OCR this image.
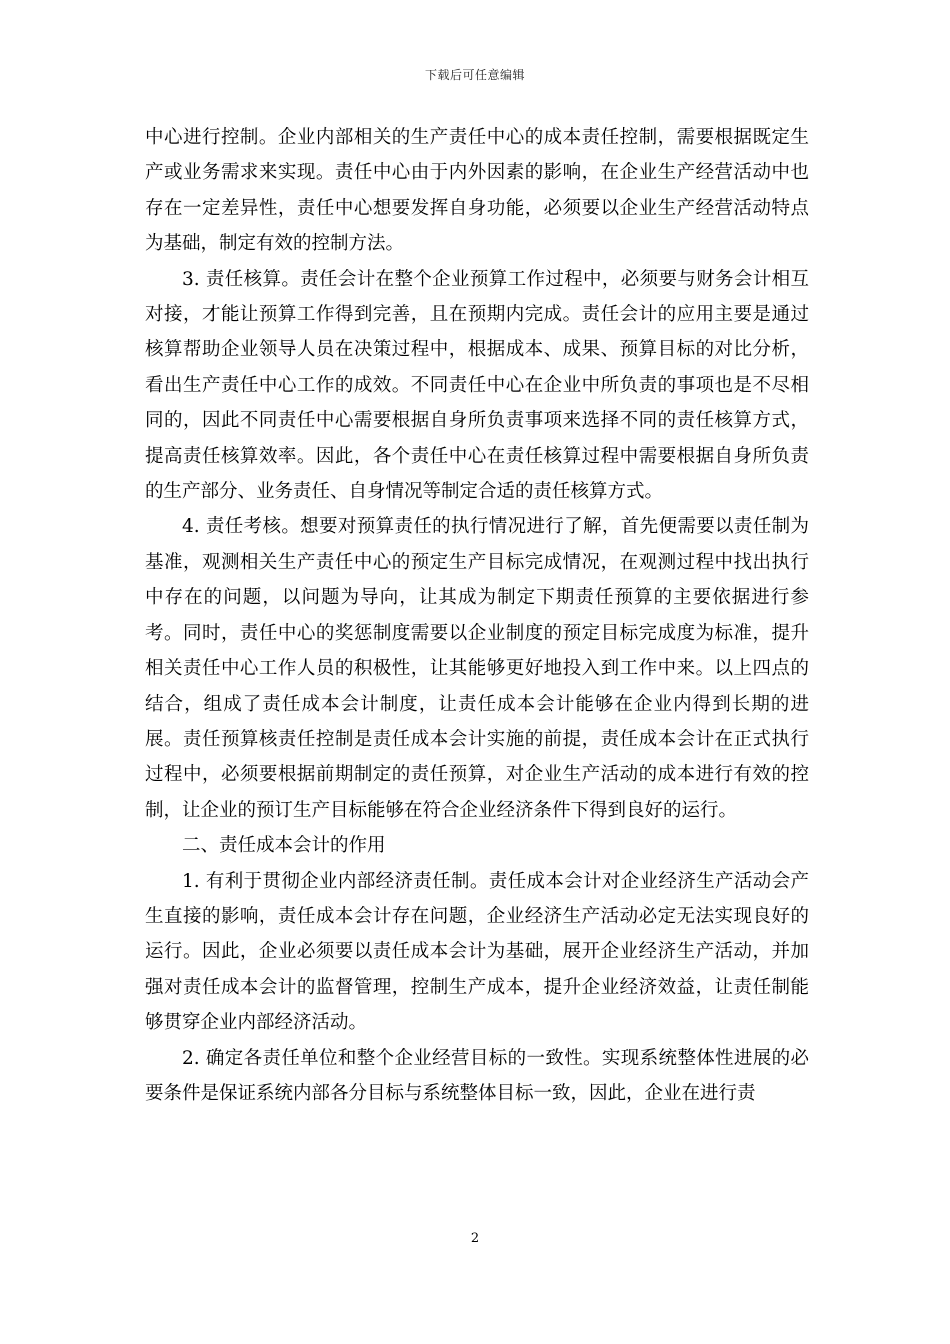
下载后可任意编辑

中心进行控制。企业内部相关的生产责任中心的成本责任控制，需要根据既定生产或业务需求来实现。责任中心由于内外因素的影响，在企业生产经营活动中也存在一定差异性，责任中心想要发挥自身功能，必须要以企业生产经营活动特点为基础，制定有效的控制方法。

3. 责任核算。责任会计在整个企业预算工作过程中，必须要与财务会计相互对接，才能让预算工作得到完善，且在预期内完成。责任会计的应用主要是通过核算帮助企业领导人员在决策过程中，根据成本、成果、预算目标的对比分析，看出生产责任中心工作的成效。不同责任中心在企业中所负责的事项也是不尽相同的，因此不同责任中心需要根据自身所负责事项来选择不同的责任核算方式，提高责任核算效率。因此，各个责任中心在责任核算过程中需要根据自身所负责的生产部分、业务责任、自身情况等制定合适的责任核算方式。

4. 责任考核。想要对预算责任的执行情况进行了解，首先便需要以责任制为基准，观测相关生产责任中心的预定生产目标完成情况，在观测过程中找出执行中存在的问题，以问题为导向，让其成为制定下期责任预算的主要依据进行参考。同时，责任中心的奖惩制度需要以企业制度的预定目标完成度为标准，提升相关责任中心工作人员的积极性，让其能够更好地投入到工作中来。以上四点的结合，组成了责任成本会计制度，让责任成本会计能够在企业内得到长期的进展。责任预算核责任控制是责任成本会计实施的前提，责任成本会计在正式执行过程中，必须要根据前期制定的责任预算，对企业生产活动的成本进行有效的控制，让企业的预订生产目标能够在符合企业经济条件下得到良好的运行。

二、责任成本会计的作用

1. 有利于贯彻企业内部经济责任制。责任成本会计对企业经济生产活动会产生直接的影响，责任成本会计存在问题，企业经济生产活动必定无法实现良好的运行。因此，企业必须要以责任成本会计为基础，展开企业经济生产活动，并加强对责任成本会计的监督管理，控制生产成本，提升企业经济效益，让责任制能够贯穿企业内部经济活动。

2. 确定各责任单位和整个企业经营目标的一致性。实现系统整体性进展的必要条件是保证系统内部各分目标与系统整体目标一致，因此，企业在进行责

2
